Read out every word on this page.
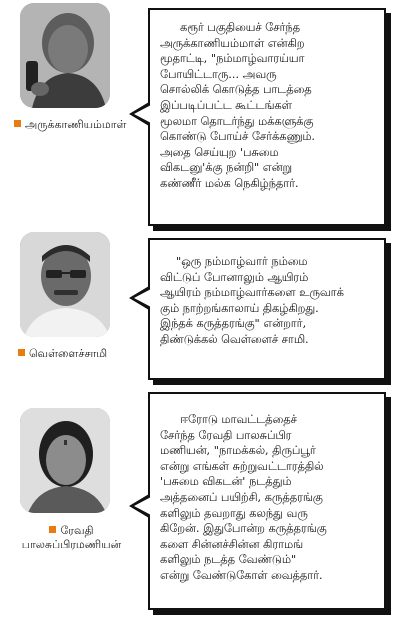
அருக்காணியம்மாள்
கரூர் பகுதியைச் சேர்ந்த
அருக்காணியம்மாள் என்கிற
மூதாட்டி, "நம்மாழ்வாரய்யா
போயிட்டாரு... அவரு
சொல்லிக் கொடுத்த பாடத்தை
இப்படிப்பட்ட கூட்டங்கள்
மூலமா தொடர்ந்து மக்களுக்கு
கொண்டு போய்ச் சேர்க்கணும்.
அதை செய்யுற 'பசுமை
விகடனு'க்கு நன்றி" என்று
கண்ணீர் மல்க நெகிழ்ந்தார்.
வெள்ளைச்சாமி
"ஒரு நம்மாழ்வார் நம்மை
விட்டுப் போனாலும் ஆயிரம்
ஆயிரம் நம்மாழ்வார்களை உருவாக்
கும் நாற்றங்காலாய் திகழ்கிறது.
இந்தக் கருத்தரங்கு" என்றார்,
திண்டுக்கல் வெள்ளைச் சாமி.
ரேவதி
பாலசுப்பிரமணியன்
ஈரோடு மாவட்டத்தைச்
சேர்ந்த ரேவதி பாலசுப்பிர
மணியன், "நாமக்கல், திருப்பூர்
என்று எங்கள் சுற்றுவட்டாரத்தில்
'பசுமை விகடன்' நடத்தும்
அத்தனைப் பயிற்சி, கருத்தரங்கு
களிலும் தவறாது கலந்து வரு
கிறேன். இதுபோன்ற கருத்தரங்கு
களை சின்னச்சின்ன கிராமங்
களிலும் நடத்த வேண்டும்"
என்று வேண்டுகோள் வைத்தார்.
